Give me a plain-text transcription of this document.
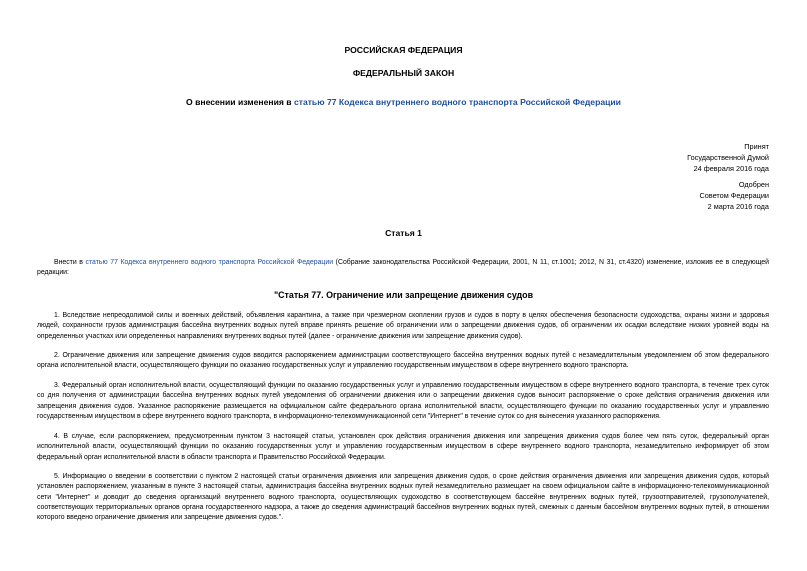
РОССИЙСКАЯ ФЕДЕРАЦИЯ
ФЕДЕРАЛЬНЫЙ ЗАКОН
О внесении изменения в статью 77 Кодекса внутреннего водного транспорта Российской Федерации
Принят
Государственной Думой
24 февраля 2016 года
Одобрен
Советом Федерации
2 марта 2016 года
Статья 1
Внести в статью 77 Кодекса внутреннего водного транспорта Российской Федерации (Собрание законодательства Российской Федерации, 2001, N 11, ст.1001; 2012, N 31, ст.4320) изменение, изложив ее в следующей редакции:
"Статья 77. Ограничение или запрещение движения судов
1. Вследствие непреодолимой силы и военных действий, объявления карантина, а также при чрезмерном скоплении грузов и судов в порту в целях обеспечения безопасности судоходства, охраны жизни и здоровья людей, сохранности грузов администрация бассейна внутренних водных путей вправе принять решение об ограничении или о запрещении движения судов, об ограничении их осадки вследствие низких уровней воды на определенных участках или определенных направлениях внутренних водных путей (далее - ограничение движения или запрещение движения судов).
2. Ограничение движения или запрещение движения судов вводится распоряжением администрации соответствующего бассейна внутренних водных путей с незамедлительным уведомлением об этом федерального органа исполнительной власти, осуществляющего функции по оказанию государственных услуг и управлению государственным имуществом в сфере внутреннего водного транспорта.
3. Федеральный орган исполнительной власти, осуществляющий функции по оказанию государственных услуг и управлению государственным имуществом в сфере внутреннего водного транспорта, в течение трех суток со дня получения от администрации бассейна внутренних водных путей уведомления об ограничении движения или о запрещении движения судов выносит распоряжение о сроке действия ограничения движения или запрещения движения судов. Указанное распоряжение размещается на официальном сайте федерального органа исполнительной власти, осуществляющего функции по оказанию государственных услуг и управлению государственным имуществом в сфере внутреннего водного транспорта, в информационно-телекоммуникационной сети "Интернет" в течение суток со дня вынесения указанного распоряжения.
4. В случае, если распоряжением, предусмотренным пунктом 3 настоящей статьи, установлен срок действия ограничения движения или запрещения движения судов более чем пять суток, федеральный орган исполнительной власти, осуществляющий функции по оказанию государственных услуг и управлению государственным имуществом в сфере внутреннего водного транспорта, незамедлительно информирует об этом федеральный орган исполнительной власти в области транспорта и Правительство Российской Федерации.
5. Информацию о введении в соответствии с пунктом 2 настоящей статьи ограничения движения или запрещения движения судов, о сроке действия ограничения движения или запрещения движения судов, который установлен распоряжением, указанным в пункте 3 настоящей статьи, администрация бассейна внутренних водных путей незамедлительно размещает на своем официальном сайте в информационно-телекоммуникационной сети "Интернет" и доводит до сведения организаций внутреннего водного транспорта, осуществляющих судоходство в соответствующем бассейне внутренних водных путей, грузоотправителей, грузополучателей, соответствующих территориальных органов органа государственного надзора, а также до сведения администраций бассейнов внутренних водных путей, смежных с данным бассейном внутренних водных путей, в отношении которого введено ограничение движения или запрещение движения судов.".
